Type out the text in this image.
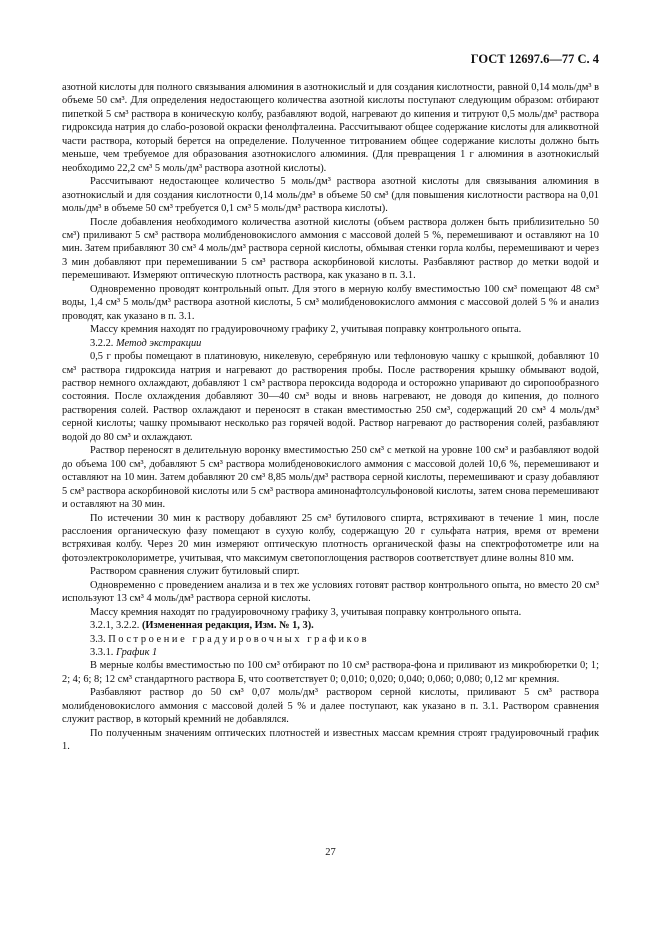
ГОСТ 12697.6—77 С. 4

азотной кислоты для полного связывания алюминия в азотнокислый и для создания кислотности, равной 0,14 моль/дм³ в объеме 50 см³. Для определения недостающего количества азотной кислоты поступают следующим образом: отбирают пипеткой 5 см³ раствора в коническую колбу, разбавляют водой, нагревают до кипения и титруют 0,5 моль/дм³ раствора гидроксида натрия до слабо-розовой окраски фенолфталеина. Рассчитывают общее содержание кислоты для аликвотной части раствора, который берется на определение. Полученное титрованием общее содержание кислоты должно быть меньше, чем требуемое для образования азотнокислого алюминия. (Для превращения 1 г алюминия в азотнокислый необходимо 22,2 см³ 5 моль/дм³ раствора азотной кислоты).

Рассчитывают недостающее количество 5 моль/дм³ раствора азотной кислоты для связывания алюминия в азотнокислый и для создания кислотности 0,14 моль/дм³ в объеме 50 см³ (для повышения кислотности раствора на 0,01 моль/дм³ в объеме 50 см³ требуется 0,1 см³ 5 моль/дм³ раствора кислоты).

После добавления необходимого количества азотной кислоты (объем раствора должен быть приблизительно 50 см³) приливают 5 см³ раствора молибденовокислого аммония с массовой долей 5 %, перемешивают и оставляют на 10 мин. Затем прибавляют 30 см³ 4 моль/дм³ раствора серной кислоты, обмывая стенки горла колбы, перемешивают и через 3 мин добавляют при перемешивании 5 см³ раствора аскорбиновой кислоты. Разбавляют раствор до метки водой и перемешивают. Измеряют оптическую плотность раствора, как указано в п. 3.1.

Одновременно проводят контрольный опыт. Для этого в мерную колбу вместимостью 100 см³ помещают 48 см³ воды, 1,4 см³ 5 моль/дм³ раствора азотной кислоты, 5 см³ молибденовокислого аммония с массовой долей 5 % и анализ проводят, как указано в п. 3.1.

Массу кремния находят по градуировочному графику 2, учитывая поправку контрольного опыта.

3.2.2. Метод экстракции

0,5 г пробы помещают в платиновую, никелевую, серебряную или тефлоновую чашку с крышкой, добавляют 10 см³ раствора гидроксида натрия и нагревают до растворения пробы. После растворения крышку обмывают водой, раствор немного охлаждают, добавляют 1 см³ раствора пероксида водорода и осторожно упаривают до сиропообразного состояния. После охлаждения добавляют 30—40 см³ воды и вновь нагревают, не доводя до кипения, до полного растворения солей. Раствор охлаждают и переносят в стакан вместимостью 250 см³, содержащий 20 см³ 4 моль/дм³ серной кислоты; чашку промывают несколько раз горячей водой. Раствор нагревают до растворения солей, разбавляют водой до 80 см³ и охлаждают.

Раствор переносят в делительную воронку вместимостью 250 см³ с меткой на уровне 100 см³ и разбавляют водой до объема 100 см³, добавляют 5 см³ раствора молибденовокислого аммония с массовой долей 10,6 %, перемешивают и оставляют на 10 мин. Затем добавляют 20 см³ 8,85 моль/дм³ раствора серной кислоты, перемешивают и сразу добавляют 5 см³ раствора аскорбиновой кислоты или 5 см³ раствора аминонафтолсульфоновой кислоты, затем снова перемешивают и оставляют на 30 мин.

По истечении 30 мин к раствору добавляют 25 см³ бутилового спирта, встряхивают в течение 1 мин, после расслоения органическую фазу помещают в сухую колбу, содержащую 20 г сульфата натрия, время от времени встряхивая колбу. Через 20 мин измеряют оптическую плотность органической фазы на спектрофотометре или на фотоэлектроколориметре, учитывая, что максимум светопоглощения растворов соответствует длине волны 810 мм.

Раствором сравнения служит бутиловый спирт.

Одновременно с проведением анализа и в тех же условиях готовят раствор контрольного опыта, но вместо 20 см³ используют 13 см³ 4 моль/дм³ раствора серной кислоты.

Массу кремния находят по градуировочному графику 3, учитывая поправку контрольного опыта.

3.2.1, 3.2.2. (Измененная редакция, Изм. № 1, 3).

3.3. Построение градуировочных графиков

3.3.1. График 1

В мерные колбы вместимостью по 100 см³ отбирают по 10 см³ раствора-фона и приливают из микробюретки 0; 1; 2; 4; 6; 8; 12 см³ стандартного раствора Б, что соответствует 0; 0,010; 0,020; 0,040; 0,060; 0,080; 0,12 мг кремния.

Разбавляют раствор до 50 см³ 0,07 моль/дм³ раствором серной кислоты, приливают 5 см³ раствора молибденовокислого аммония с массовой долей 5 % и далее поступают, как указано в п. 3.1. Раствором сравнения служит раствор, в который кремний не добавлялся.

По полученным значениям оптических плотностей и известных массам кремния строят градуировочный график 1.

27
